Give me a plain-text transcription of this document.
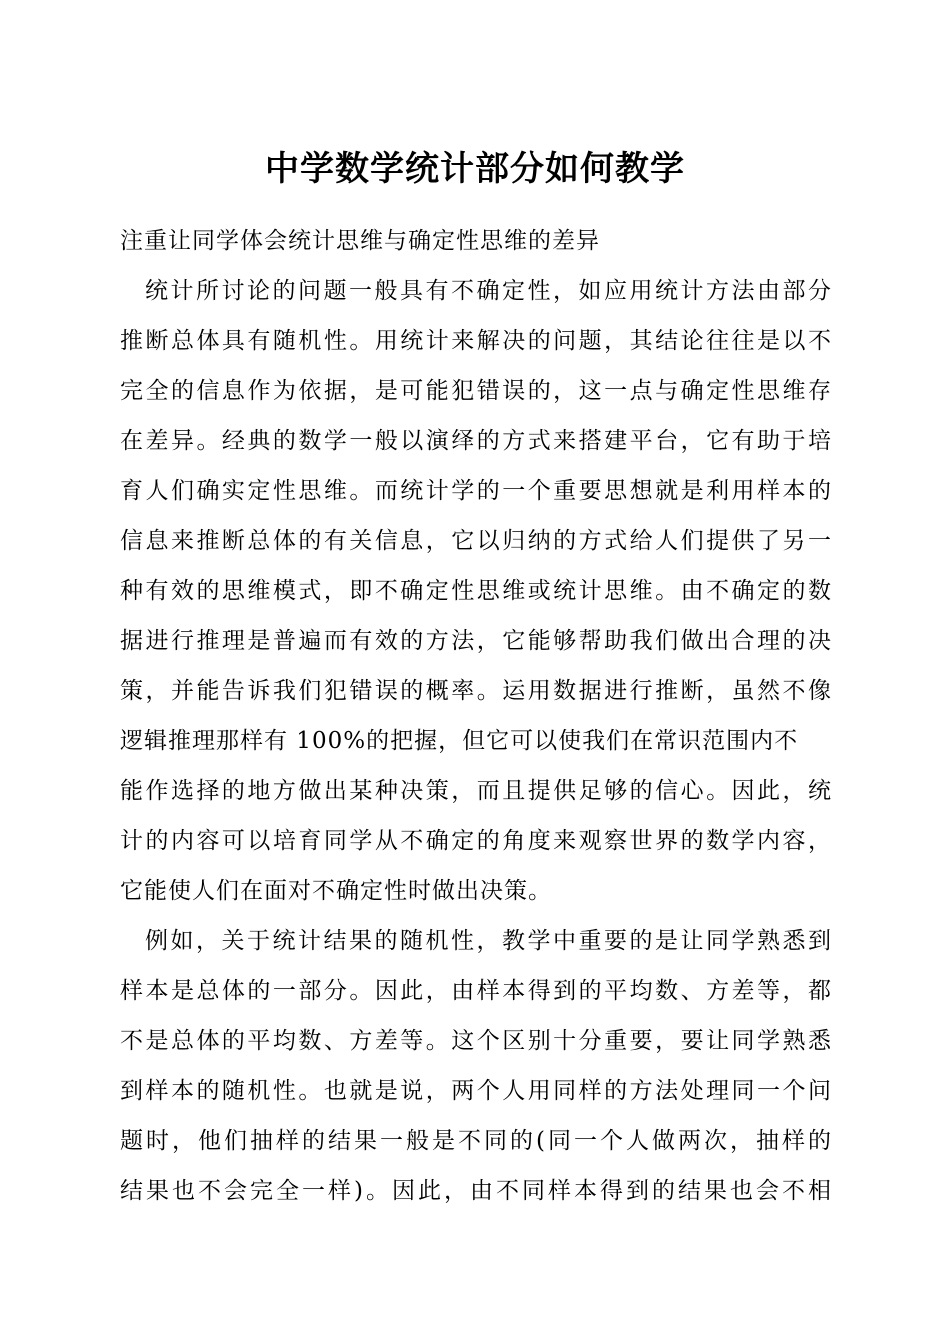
中学数学统计部分如何教学
注重让同学体会统计思维与确定性思维的差异
统计所讨论的问题一般具有不确定性，如应用统计方法由部分
推断总体具有随机性。用统计来解决的问题，其结论往往是以不
完全的信息作为依据，是可能犯错误的，这一点与确定性思维存
在差异。经典的数学一般以演绎的方式来搭建平台，它有助于培
育人们确实定性思维。而统计学的一个重要思想就是利用样本的
信息来推断总体的有关信息，它以归纳的方式给人们提供了另一
种有效的思维模式，即不确定性思维或统计思维。由不确定的数
据进行推理是普遍而有效的方法，它能够帮助我们做出合理的决
策，并能告诉我们犯错误的概率。运用数据进行推断，虽然不像
逻辑推理那样有 100%的把握，但它可以使我们在常识范围内不
能作选择的地方做出某种决策，而且提供足够的信心。因此，统
计的内容可以培育同学从不确定的角度来观察世界的数学内容，
它能使人们在面对不确定性时做出决策。
例如，关于统计结果的随机性，教学中重要的是让同学熟悉到
样本是总体的一部分。因此，由样本得到的平均数、方差等，都
不是总体的平均数、方差等。这个区别十分重要，要让同学熟悉
到样本的随机性。也就是说，两个人用同样的方法处理同一个问
题时，他们抽样的结果一般是不同的(同一个人做两次，抽样的
结果也不会完全一样)。因此，由不同样本得到的结果也会不相
